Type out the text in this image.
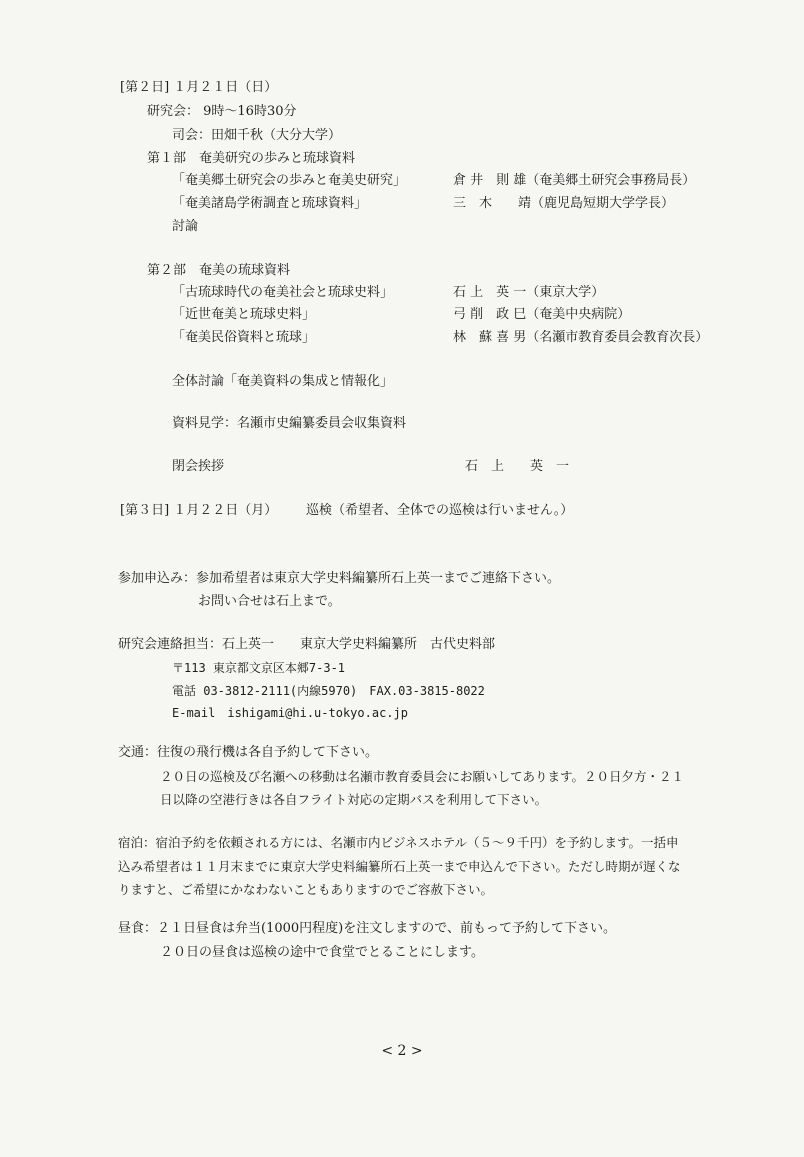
[第２日] １月２１日（日）
研究会： 9時～16時30分
司会：田畑千秋（大分大学）
第１部　奄美研究の歩みと琉球資料
「奄美郷土研究会の歩みと奄美史研究」	倉 井　則 雄（奄美郷土研究会事務局長）
「奄美諸島学術調査と琉球資料」	三　木　　靖（鹿児島短期大学学長）
討論
第２部　奄美の琉球資料
「古琉球時代の奄美社会と琉球史料」	石 上　英 一（東京大学）
「近世奄美と琉球史料」	弓 削　政 巳（奄美中央病院）
「奄美民俗資料と琉球」	林　蘇 喜 男（名瀬市教育委員会教育次長）
全体討論「奄美資料の集成と情報化」
資料見学：名瀬市史編纂委員会収集資料
閉会挨拶	石　上　　英　一
[第３日] １月２２日（月） 巡検（希望者、全体での巡検は行いません。）
参加申込み：参加希望者は東京大学史料編纂所石上英一までご連絡下さい。
お問い合せは石上まで。
研究会連絡担当：石上英一　　東京大学史料編纂所　古代史料部
〒113 東京都文京区本郷7-3-1
電話 03-3812-2111(内線5970)　FAX.03-3815-8022
E-mail　ishigami@hi.u-tokyo.ac.jp
交通：往復の飛行機は各自予約して下さい。
２０日の巡検及び名瀬への移動は名瀬市教育委員会にお願いしてあります。２０日夕方・２１
日以降の空港行きは各自フライト対応の定期バスを利用して下さい。
宿泊：宿泊予約を依頼される方には、名瀬市内ビジネスホテル（５～９千円）を予約します。一括申
込み希望者は１１月末までに東京大学史料編纂所石上英一まで申込んで下さい。ただし時期が遅くな
りますと、ご希望にかなわないこともありますのでご容赦下さい。
昼食：２１日昼食は弁当(1000円程度)を注文しますので、前もって予約して下さい。
２０日の昼食は巡検の途中で食堂でとることにします。
< 2 >
